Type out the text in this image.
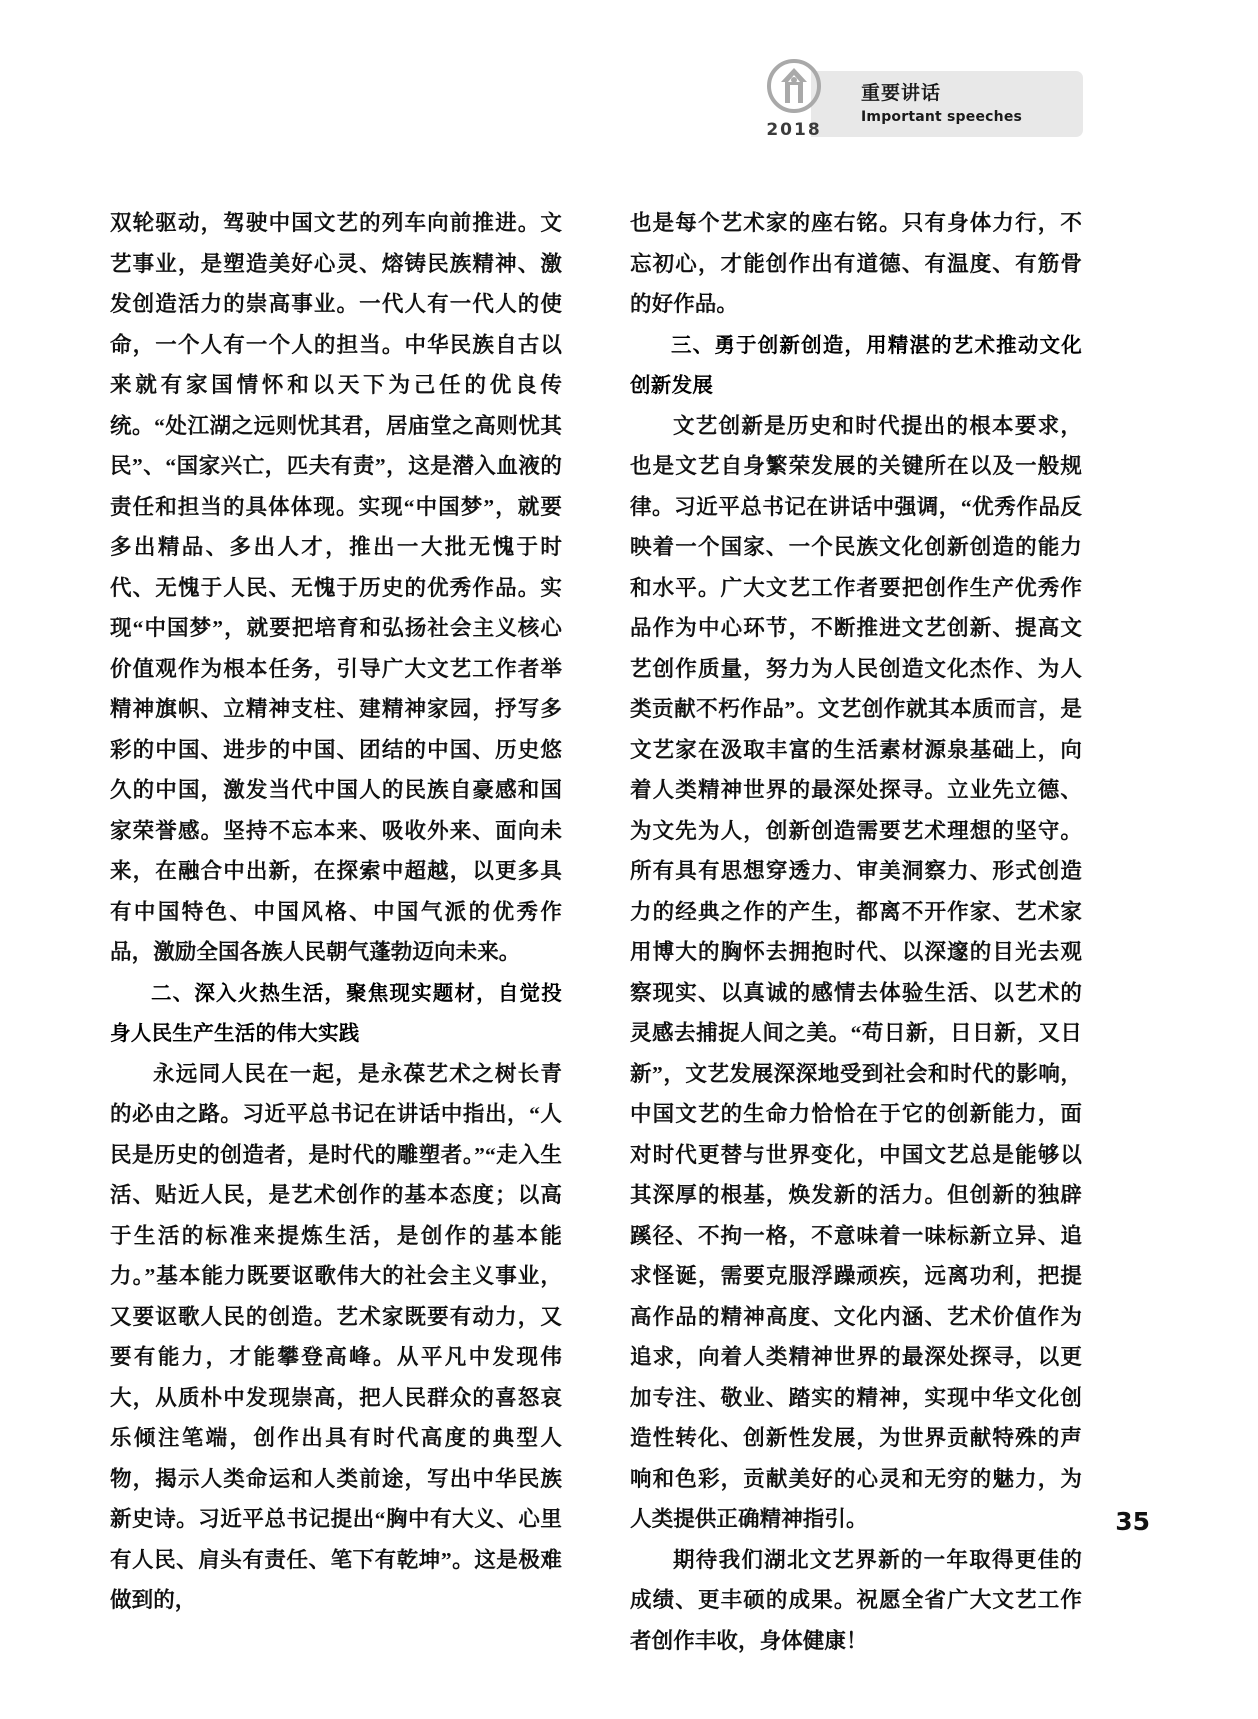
2018
重要讲话
Important speeches

双轮驱动，驾驶中国文艺的列车向前推进。文艺事业，是塑造美好心灵、熔铸民族精神、激发创造活力的崇高事业。一代人有一代人的使命，一个人有一个人的担当。中华民族自古以来就有家国情怀和以天下为己任的优良传统。“处江湖之远则忧其君，居庙堂之高则忧其民”、“国家兴亡，匹夫有责”，这是潜入血液的责任和担当的具体体现。实现“中国梦”，就要多出精品、多出人才，推出一大批无愧于时代、无愧于人民、无愧于历史的优秀作品。实现“中国梦”，就要把培育和弘扬社会主义核心价值观作为根本任务，引导广大文艺工作者举精神旗帜、立精神支柱、建精神家园，抒写多彩的中国、进步的中国、团结的中国、历史悠久的中国，激发当代中国人的民族自豪感和国家荣誉感。坚持不忘本来、吸收外来、面向未来，在融合中出新，在探索中超越，以更多具有中国特色、中国风格、中国气派的优秀作品，激励全国各族人民朝气蓬勃迈向未来。

二、深入火热生活，聚焦现实题材，自觉投身人民生产生活的伟大实践

永远同人民在一起，是永葆艺术之树长青的必由之路。习近平总书记在讲话中指出，“人民是历史的创造者，是时代的雕塑者。”“走入生活、贴近人民，是艺术创作的基本态度；以高于生活的标准来提炼生活，是创作的基本能力。”基本能力既要讴歌伟大的社会主义事业，又要讴歌人民的创造。艺术家既要有动力，又要有能力，才能攀登高峰。从平凡中发现伟大，从质朴中发现崇高，把人民群众的喜怒哀乐倾注笔端，创作出具有时代高度的典型人物，揭示人类命运和人类前途，写出中华民族新史诗。习近平总书记提出“胸中有大义、心里有人民、肩头有责任、笔下有乾坤”。这是极难做到的，

也是每个艺术家的座右铭。只有身体力行，不忘初心，才能创作出有道德、有温度、有筋骨的好作品。

三、勇于创新创造，用精湛的艺术推动文化创新发展

文艺创新是历史和时代提出的根本要求，也是文艺自身繁荣发展的关键所在以及一般规律。习近平总书记在讲话中强调，“优秀作品反映着一个国家、一个民族文化创新创造的能力和水平。广大文艺工作者要把创作生产优秀作品作为中心环节，不断推进文艺创新、提高文艺创作质量，努力为人民创造文化杰作、为人类贡献不朽作品”。文艺创作就其本质而言，是文艺家在汲取丰富的生活素材源泉基础上，向着人类精神世界的最深处探寻。立业先立德、为文先为人，创新创造需要艺术理想的坚守。所有具有思想穿透力、审美洞察力、形式创造力的经典之作的产生，都离不开作家、艺术家用博大的胸怀去拥抱时代、以深邃的目光去观察现实、以真诚的感情去体验生活、以艺术的灵感去捕捉人间之美。“苟日新，日日新，又日新”，文艺发展深深地受到社会和时代的影响，中国文艺的生命力恰恰在于它的创新能力，面对时代更替与世界变化，中国文艺总是能够以其深厚的根基，焕发新的活力。但创新的独辟蹊径、不拘一格，不意味着一味标新立异、追求怪诞，需要克服浮躁顽疾，远离功利，把提高作品的精神高度、文化内涵、艺术价值作为追求，向着人类精神世界的最深处探寻，以更加专注、敬业、踏实的精神，实现中华文化创造性转化、创新性发展，为世界贡献特殊的声响和色彩，贡献美好的心灵和无穷的魅力，为人类提供正确精神指引。

期待我们湖北文艺界新的一年取得更佳的成绩、更丰硕的成果。祝愿全省广大文艺工作者创作丰收，身体健康！

35
